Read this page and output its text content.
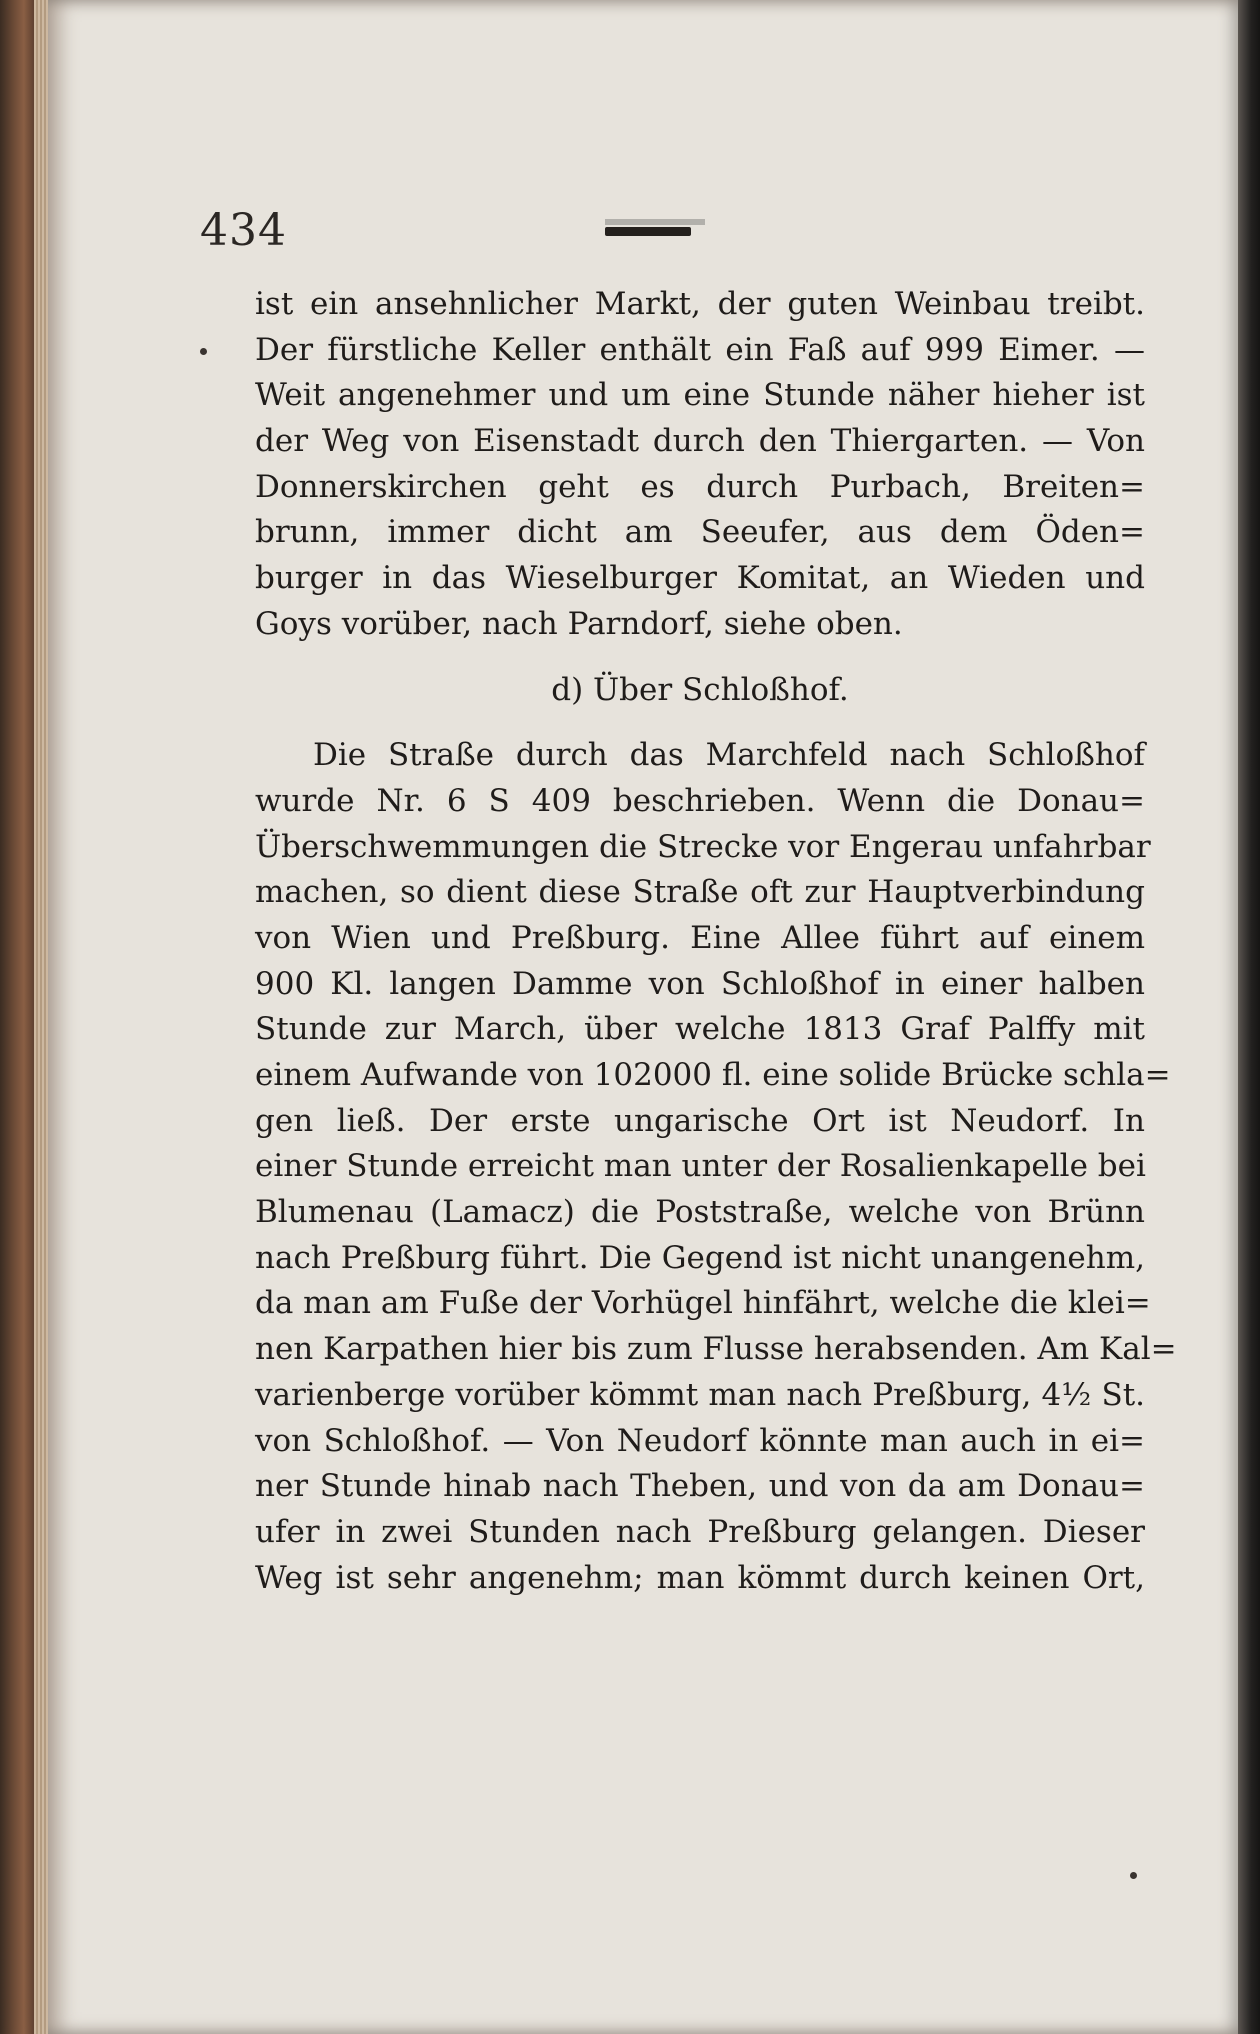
434
ist ein ansehnlicher Markt, der guten Weinbau treibt.
Der fürstliche Keller enthält ein Faß auf 999 Eimer. —
Weit angenehmer und um eine Stunde näher hieher ist
der Weg von Eisenstadt durch den Thiergarten. — Von
Donnerskirchen geht es durch Purbach, Breiten=
brunn, immer dicht am Seeufer, aus dem Öden=
burger in das Wieselburger Komitat, an Wieden und
Goys vorüber, nach Parndorf, siehe oben.
d) Über Schloßhof.
Die Straße durch das Marchfeld nach Schloßhof
wurde Nr. 6 S 409 beschrieben. Wenn die Donau=
Überschwemmungen die Strecke vor Engerau unfahrbar
machen, so dient diese Straße oft zur Hauptverbindung
von Wien und Preßburg. Eine Allee führt auf einem
900 Kl. langen Damme von Schloßhof in einer halben
Stunde zur March, über welche 1813 Graf Palffy mit
einem Aufwande von 102000 fl. eine solide Brücke schla=
gen ließ. Der erste ungarische Ort ist Neudorf. In
einer Stunde erreicht man unter der Rosalienkapelle bei
Blumenau (Lamacz) die Poststraße, welche von Brünn
nach Preßburg führt. Die Gegend ist nicht unangenehm,
da man am Fuße der Vorhügel hinfährt, welche die klei=
nen Karpathen hier bis zum Flusse herabsenden. Am Kal=
varienberge vorüber kömmt man nach Preßburg, 4½ St.
von Schloßhof. — Von Neudorf könnte man auch in ei=
ner Stunde hinab nach Theben, und von da am Donau=
ufer in zwei Stunden nach Preßburg gelangen. Dieser
Weg ist sehr angenehm; man kömmt durch keinen Ort,
